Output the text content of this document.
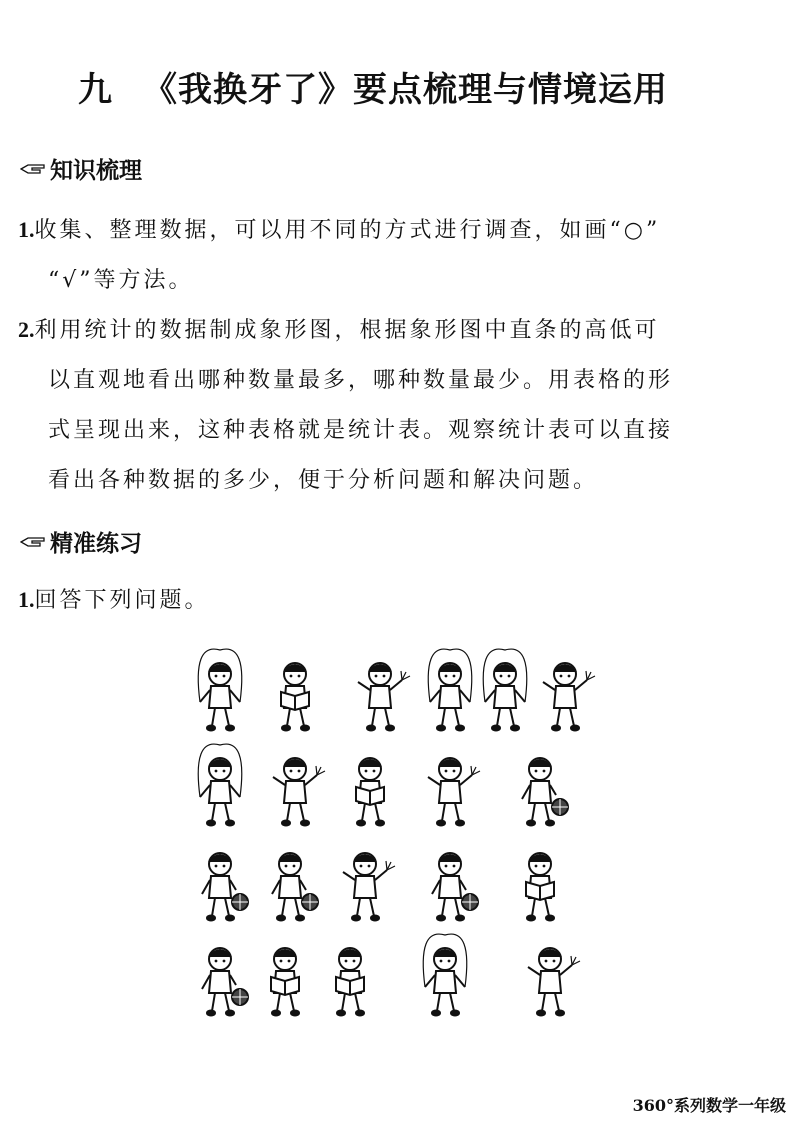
九 《我换牙了》要点梳理与情境运用
知识梳理
1.收集、整理数据，可以用不同的方式进行调查，如画“○”
“√”等方法。
2.利用统计的数据制成象形图，根据象形图中直条的高低可
以直观地看出哪种数量最多，哪种数量最少。用表格的形
式呈现出来，这种表格就是统计表。观察统计表可以直接
看出各种数据的多少，便于分析问题和解决问题。
精准练习
1.回答下列问题。
360°系列数学一年级
